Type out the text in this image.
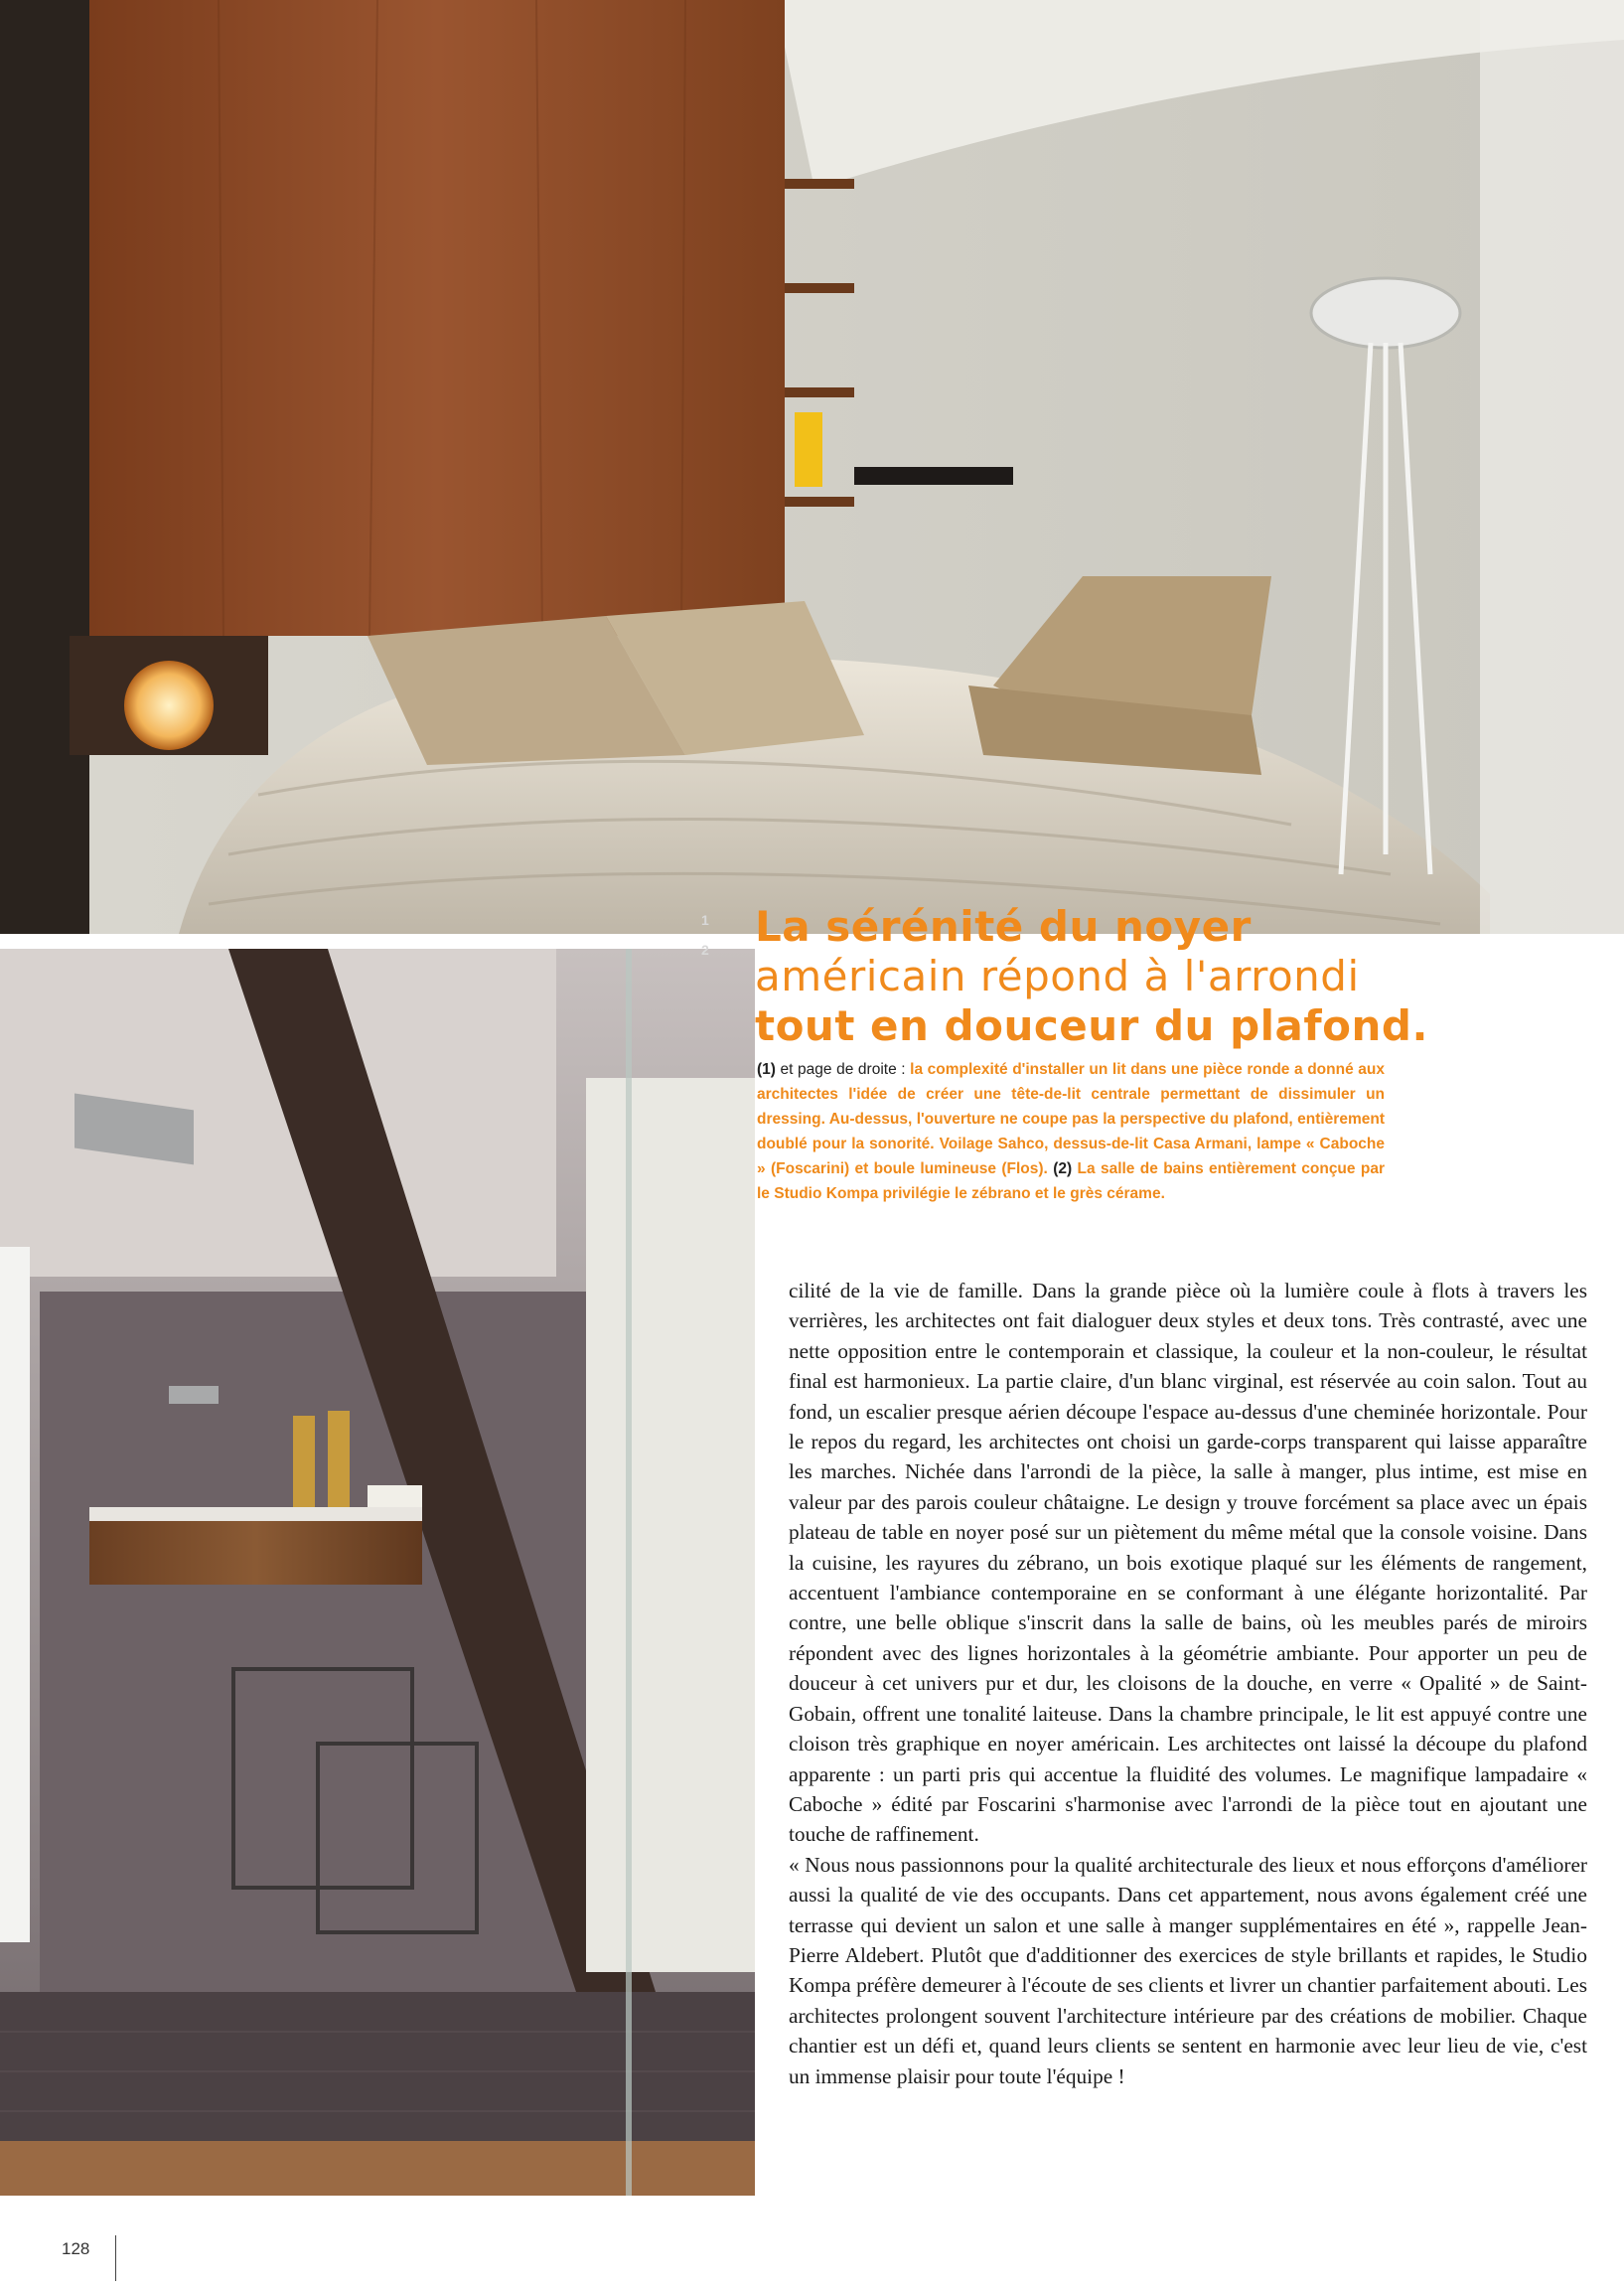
1
2 La sérénité du noyer
américain répond à l'arrondi
tout en douceur du plafond.
(1) et page de droite : la complexité d'installer un lit dans une pièce ronde a donné aux architectes l'idée de créer une tête-de-lit centrale permettant de dissimuler un dressing. Au-dessus, l'ouverture ne coupe pas la perspective du plafond, entièrement doublé pour la sonorité. Voilage Sahco, dessus-de-lit Casa Armani, lampe « Caboche » (Foscarini) et boule lumineuse (Flos). (2) La salle de bains entièrement conçue par le Studio Kompa privilégie le zébrano et le grès cérame.

cilité de la vie de famille. Dans la grande pièce où la lumière coule à flots à travers les verrières, les architectes ont fait dialoguer deux styles et deux tons. Très contrasté, avec une nette opposition entre le contemporain et classique, la couleur et la non-couleur, le résultat final est harmonieux. La partie claire, d'un blanc virginal, est réservée au coin salon. Tout au fond, un escalier presque aérien découpe l'espace au-dessus d'une cheminée horizontale. Pour le repos du regard, les architectes ont choisi un garde-corps transparent qui laisse apparaître les marches. Nichée dans l'arrondi de la pièce, la salle à manger, plus intime, est mise en valeur par des parois couleur châtaigne. Le design y trouve forcément sa place avec un épais plateau de table en noyer posé sur un piètement du même métal que la console voisine. Dans la cuisine, les rayures du zébrano, un bois exotique plaqué sur les éléments de rangement, accentuent l'ambiance contemporaine en se conformant à une élégante horizontalité. Par contre, une belle oblique s'inscrit dans la salle de bains, où les meubles parés de miroirs répondent avec des lignes horizontales à la géométrie ambiante. Pour apporter un peu de douceur à cet univers pur et dur, les cloisons de la douche, en verre « Opalité » de Saint-Gobain, offrent une tonalité laiteuse. Dans la chambre principale, le lit est appuyé contre une cloison très graphique en noyer américain. Les architectes ont laissé la découpe du plafond apparente : un parti pris qui accentue la fluidité des volumes. Le magnifique lampadaire « Caboche » édité par Foscarini s'harmonise avec l'arrondi de la pièce tout en ajoutant une touche de raffinement.

« Nous nous passionnons pour la qualité architecturale des lieux et nous efforçons d'améliorer aussi la qualité de vie des occupants. Dans cet appartement, nous avons également créé une terrasse qui devient un salon et une salle à manger supplémentaires en été », rappelle Jean-Pierre Aldebert. Plutôt que d'additionner des exercices de style brillants et rapides, le Studio Kompa préfère demeurer à l'écoute de ses clients et livrer un chantier parfaitement abouti. Les architectes prolongent souvent l'architecture intérieure par des créations de mobilier. Chaque chantier est un défi et, quand leurs clients se sentent en harmonie avec leur lieu de vie, c'est un immense plaisir pour toute l'équipe !

128
